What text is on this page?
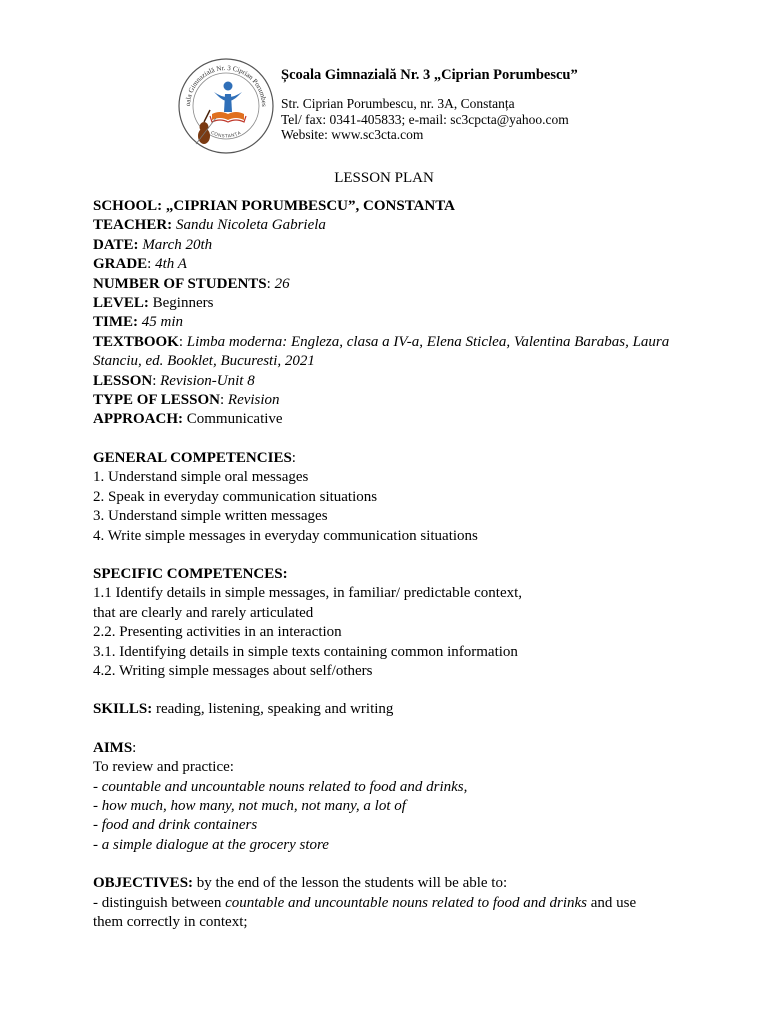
oala Gimnazială Nr. 3 Ciprian Porumbes
CONSTANȚA
Școala Gimnazială Nr. 3 „Ciprian Porumbescu”
Str. Ciprian Porumbescu, nr. 3A, Constanța
Tel/ fax: 0341-405833; e-mail: sc3cpcta@yahoo.com
Website: www.sc3cta.com
LESSON PLAN
SCHOOL: „CIPRIAN PORUMBESCU”, CONSTANTA
TEACHER: Sandu Nicoleta Gabriela
DATE: March 20th
GRADE: 4th A
NUMBER OF STUDENTS: 26
LEVEL: Beginners
TIME: 45 min
TEXTBOOK: Limba moderna: Engleza, clasa a IV-a, Elena Sticlea, Valentina Barabas, Laura Stanciu, ed. Booklet, Bucuresti, 2021
LESSON: Revision-Unit 8
TYPE OF LESSON: Revision
APPROACH: Communicative
GENERAL COMPETENCIES:
1. Understand simple oral messages
2. Speak in everyday communication situations
3. Understand simple written messages
4. Write simple messages in everyday communication situations
SPECIFIC COMPETENCES:
1.1 Identify details in simple messages, in familiar/ predictable context,
that are clearly and rarely articulated
2.2. Presenting activities in an interaction
3.1. Identifying details in simple texts containing common information
4.2. Writing simple messages about self/others
SKILLS: reading, listening, speaking and writing
AIMS:
To review and practice:
- countable and uncountable nouns related to food and drinks,
- how much, how many, not much, not many, a lot of
- food and drink containers
- a simple dialogue at the grocery store
OBJECTIVES: by the end of the lesson the students will be able to:
- distinguish between countable and uncountable nouns related to food and drinks and use
them correctly in context;
